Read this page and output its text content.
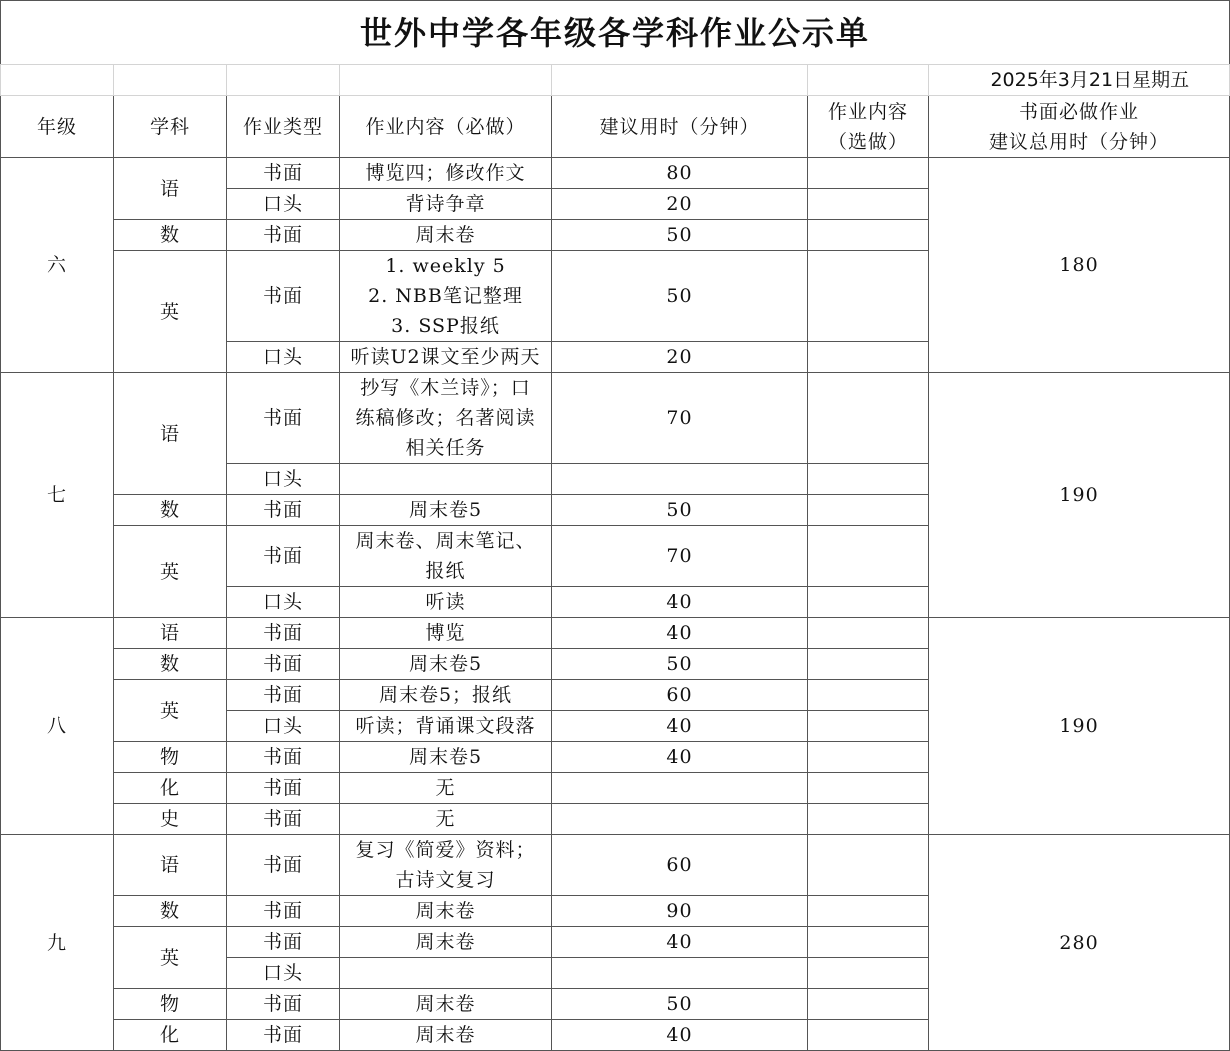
世外中学各年级各学科作业公示单						
						2025年3月21日星期五
年级	学科	作业类型	作业内容（必做）	建议用时（分钟）	作业内容
（选做）	书面必做作业
建议总用时（分钟）

六	语	书面	博览四；修改作文	80		180
		口头	背诗争章	20		
	数	书面	周末卷	50		
	英	书面	1. weekly 5
2. NBB笔记整理
3. SSP报纸	50		
		口头	听读U2课文至少两天	20		
七	语	书面	抄写《木兰诗》；口
练稿修改；名著阅读
相关任务	70		190
		口头		

	数	书面	周末卷5	50		
	英	书面	周末卷、周末笔记、
报纸	70		
		口头	听读	40		
八	语	书面	博览	40		190
	数	书面	周末卷5	50		
	英	书面	周末卷5；报纸	60		
		口头	听读；背诵课文段落	40		
	物	书面	周末卷5	40		
	化	书面	无			

	史	书面	无			

九	语	书面	复习《简爱》资料；
古诗文复习	60		280
	数	书面	周末卷	90		
	英	书面	周末卷	40		
		口头		

	物	书面	周末卷	50		
	化	书面	周末卷	40		
